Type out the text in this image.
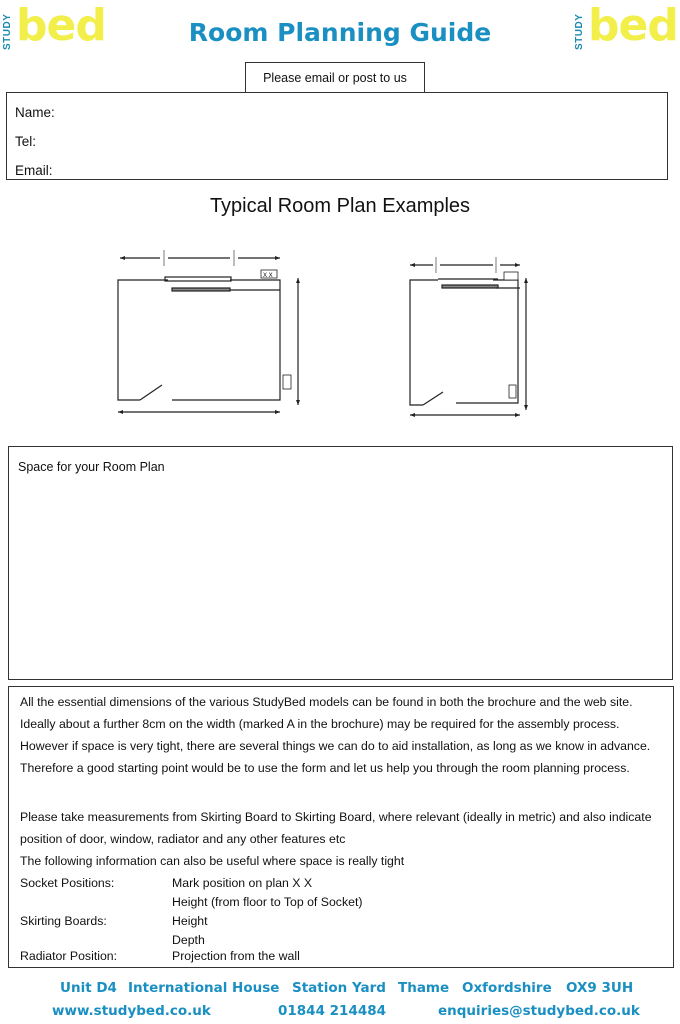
STUDY bed	STUDY bed
Room Planning Guide
Please email or post to us
Name:
Tel:
Email:
Typical Room Plan Examples
X X
Space for your Room Plan
All the essential dimensions of the various StudyBed models can be found in both the brochure and the web site. Ideally about a further 8cm on the width (marked A in the brochure) may be required for the assembly process. However if space is very tight, there are several things we can do to aid installation, as long as we know in advance. Therefore a good starting point would be to use the form and let us help you through the room planning process.
Please take measurements from Skirting Board to Skirting Board, where relevant (ideally in metric) and also indicate position of door, window, radiator and any other features etc
The following information can also be useful where space is really tight
Socket Positions:	Mark position on plan X X
Height (from floor to Top of Socket)
Skirting Boards:	Height
Depth
Radiator Position:	Projection from the wall
Unit D4 International House Station Yard Thame Oxfordshire OX9 3UH
www.studybed.co.uk	01844 214484	enquiries@studybed.co.uk
